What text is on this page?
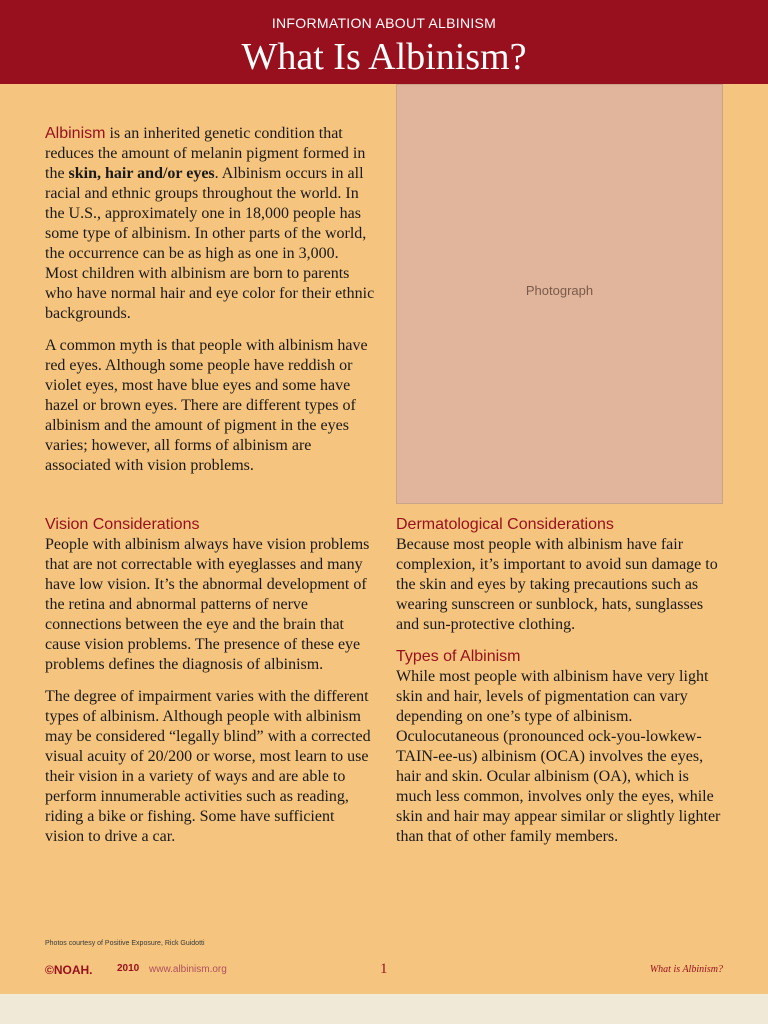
INFORMATION ABOUT ALBINISM
What Is Albinism?
Photograph

Albinism is an inherited genetic condition that reduces the amount of melanin pigment formed in the skin, hair and/or eyes. Albinism occurs in all racial and ethnic groups throughout the world. In the U.S., approximately one in 18,000 people has some type of albinism. In other parts of the world, the occurrence can be as high as one in 3,000. Most children with albinism are born to parents who have normal hair and eye color for their ethnic backgrounds.

A common myth is that people with albinism have red eyes. Although some people have reddish or violet eyes, most have blue eyes and some have hazel or brown eyes. There are different types of albinism and the amount of pigment in the eyes varies; however, all forms of albinism are associated with vision problems.

Vision Considerations

People with albinism always have vision problems that are not correctable with eyeglasses and many have low vision. It’s the abnormal development of the retina and abnormal patterns of nerve connections between the eye and the brain that cause vision problems. The presence of these eye problems defines the diagnosis of albinism.

The degree of impairment varies with the different types of albinism. Although people with albinism may be considered “legally blind” with a corrected visual acuity of 20/200 or worse, most learn to use their vision in a variety of ways and are able to perform innumerable activities such as reading, riding a bike or fishing. Some have sufficient vision to drive a car.

Dermatological Considerations

Because most people with albinism have fair complexion, it’s important to avoid sun damage to the skin and eyes by taking precautions such as wearing sunscreen or sunblock, hats, sunglasses and sun-protective clothing.

Types of Albinism

While most people with albinism have very light skin and hair, levels of pigmentation can vary depending on one’s type of albinism. Oculocutaneous (pronounced ock-you-lowkew-TAIN-ee-us) albinism (OCA) involves the eyes, hair and skin. Ocular albinism (OA), which is much less common, involves only the eyes, while skin and hair may appear similar or slightly lighter than that of other family members.

Photos courtesy of Positive Exposure, Rick Guidotti
©NOAH. 2010 www.albinism.org	1	What is Albinism?
